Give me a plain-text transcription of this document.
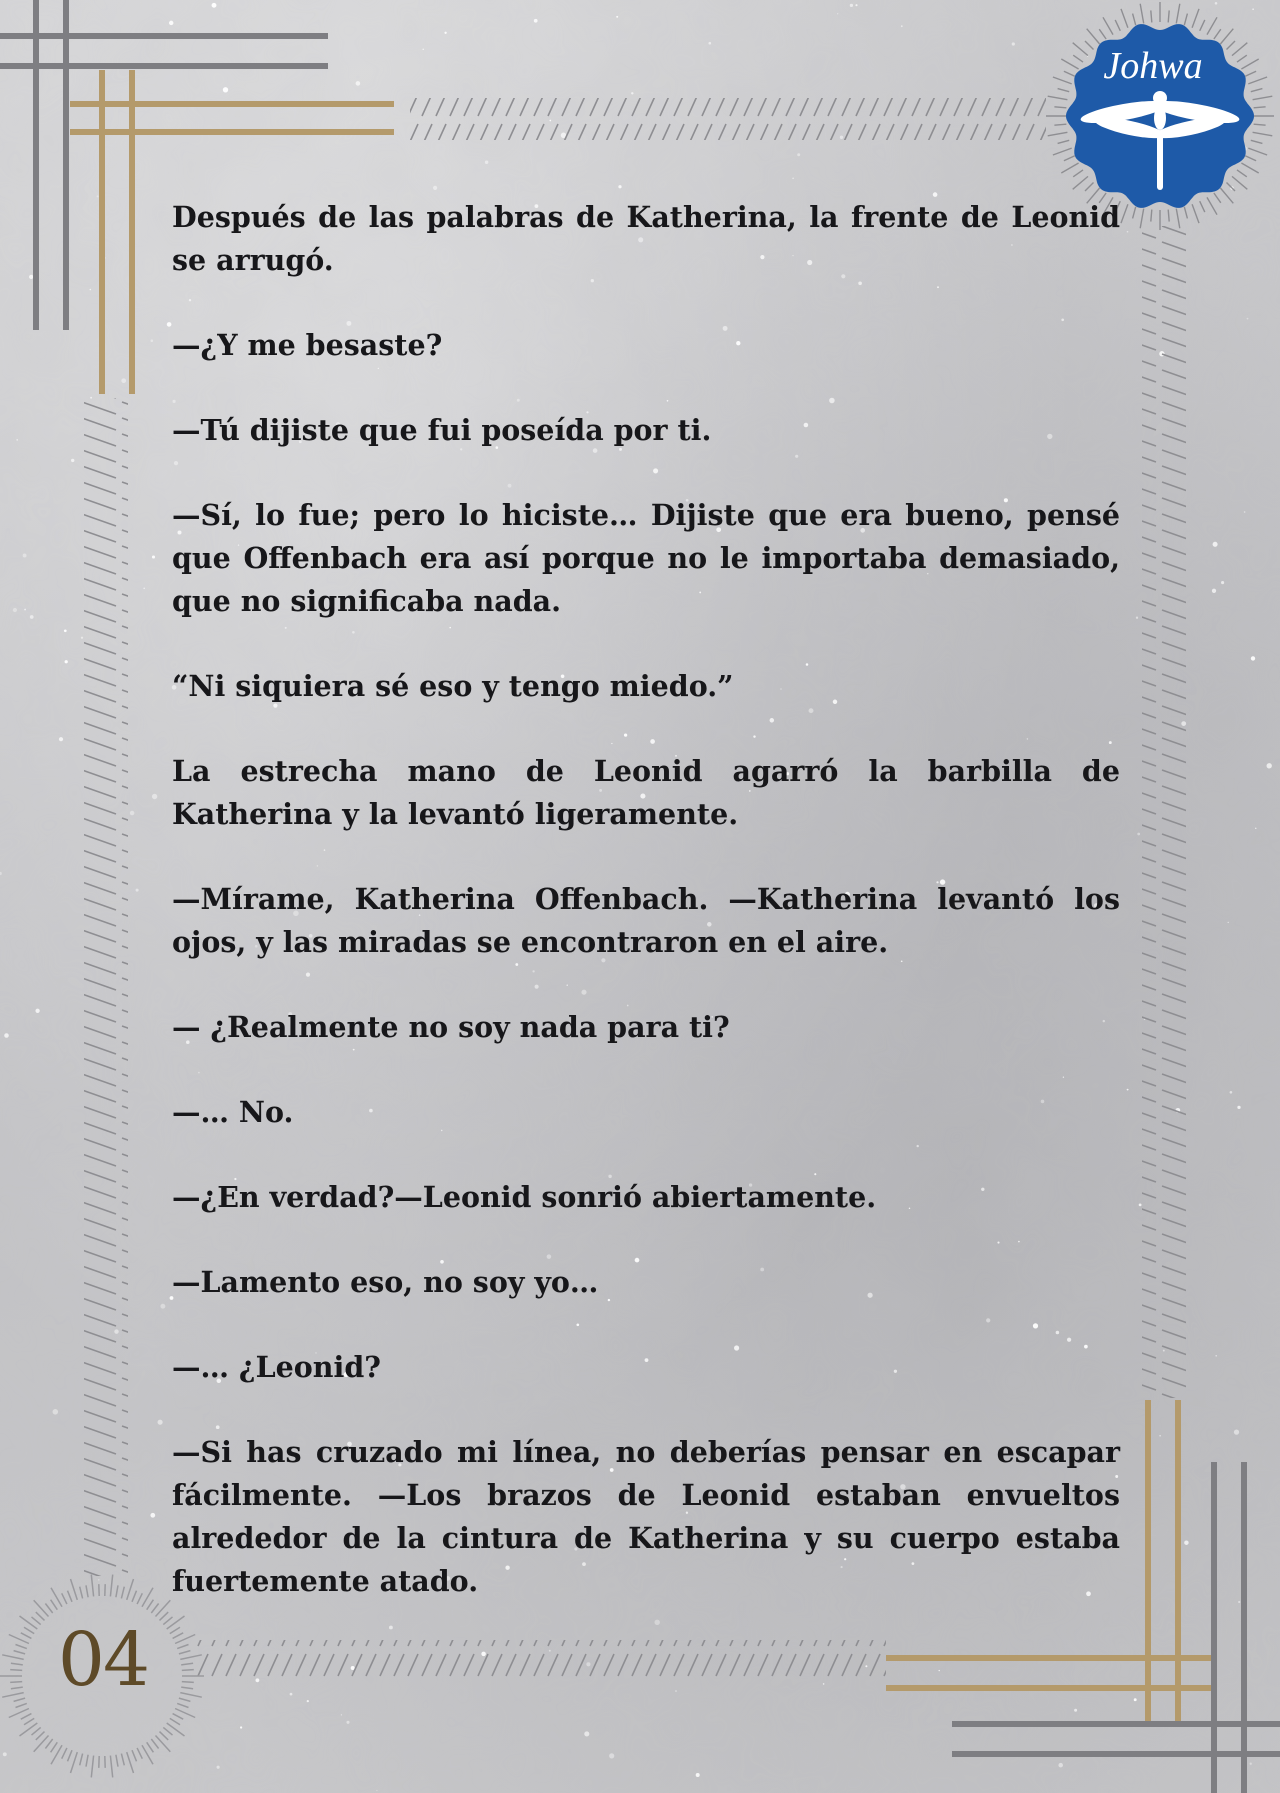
Johwa

Después de las palabras de Katherina, la frente de Leonid se arrugó.

—¿Y me besaste?

—Tú dijiste que fui poseída por ti.

—Sí, lo fue; pero lo hiciste… Dijiste que era bueno, pensé que Offenbach era así porque no le importaba demasiado, que no significaba nada.

“Ni siquiera sé eso y tengo miedo.”

La estrecha mano de Leonid agarró la barbilla de Katherina y la levantó ligeramente.

—Mírame, Katherina Offenbach. —Katherina levantó los ojos, y las miradas se encontraron en el aire.

— ¿Realmente no soy nada para ti?

—… No.

—¿En verdad?—Leonid sonrió abiertamente.

—Lamento eso, no soy yo…

—… ¿Leonid?

—Si has cruzado mi línea, no deberías pensar en escapar fácilmente. —Los brazos de Leonid estaban envueltos alrededor de la cintura de Katherina y su cuerpo estaba fuertemente atado.

04
